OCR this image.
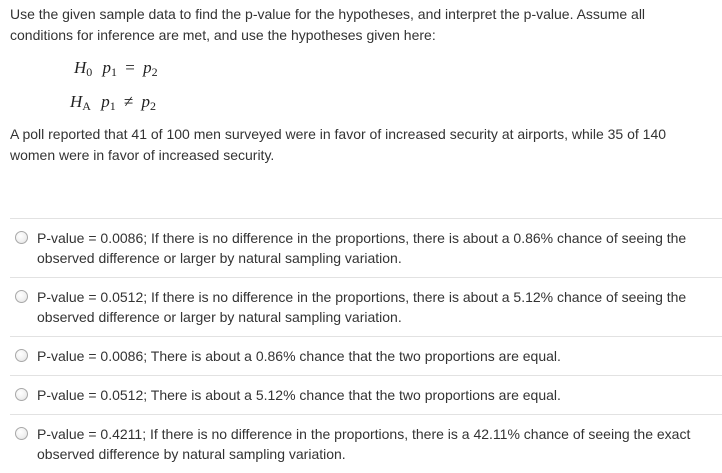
Use the given sample data to find the p-value for the hypotheses, and interpret the p-value. Assume all conditions for inference are met, and use the hypotheses given here:

H0 p1 = p2
HA p1 ≠ p2
A poll reported that 41 of 100 men surveyed were in favor of increased security at airports, while 35 of 140 women were in favor of increased security.
P-value = 0.0086; If there is no difference in the proportions, there is about a 0.86% chance of seeing the observed difference or larger by natural sampling variation.
P-value = 0.0512; If there is no difference in the proportions, there is about a 5.12% chance of seeing the observed difference or larger by natural sampling variation.
P-value = 0.0086; There is about a 0.86% chance that the two proportions are equal.
P-value = 0.0512; There is about a 5.12% chance that the two proportions are equal.
P-value = 0.4211; If there is no difference in the proportions, there is a 42.11% chance of seeing the exact observed difference by natural sampling variation.
